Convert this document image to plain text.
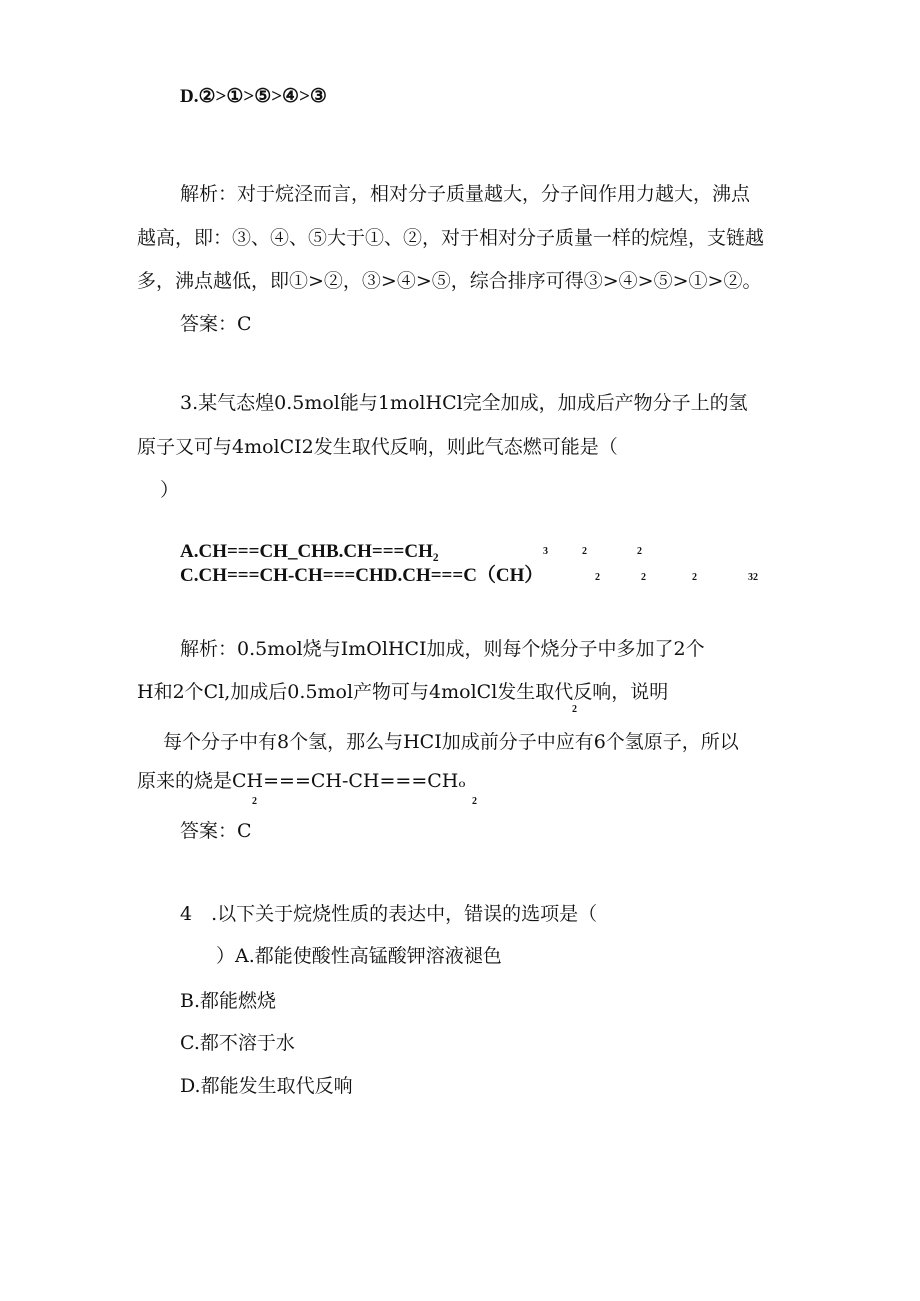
D.②>①>⑤>④>③
解析：对于烷泾而言，相对分子质量越大，分子间作用力越大，沸点
越高，即：③、④、⑤大于①、②，对于相对分子质量一样的烷煌，支链越
多，沸点越低，即①>②，③>④>⑤，综合排序可得③>④>⑤>①>②。
答案：C
3.某气态煌0.5mol能与1molHCl完全加成，加成后产物分子上的氢
原子又可与4molCI2发生取代反响，则此气态燃可能是（
）
A.CH===CH_CHB.CH===CH₂	3	2	2
C.CH===CH-CH===CHD.CH===C（CH）	2	2	2	32
解析：0.5mol烧与ImOlHCI加成，则每个烧分子中多加了2个
H和2个Cl,加成后0.5mol产物可与4molCl发生取代反响，说明
2
每个分子中有8个氢，那么与HCI加成前分子中应有6个氢原子，所以
原来的烧是CH===CH-CH===CHₒ
2	2
答案：C
4　.以下关于烷烧性质的表达中，错误的选项是（
）A.都能使酸性高锰酸钾溶液褪色
B.都能燃烧
C.都不溶于水
D.都能发生取代反响
